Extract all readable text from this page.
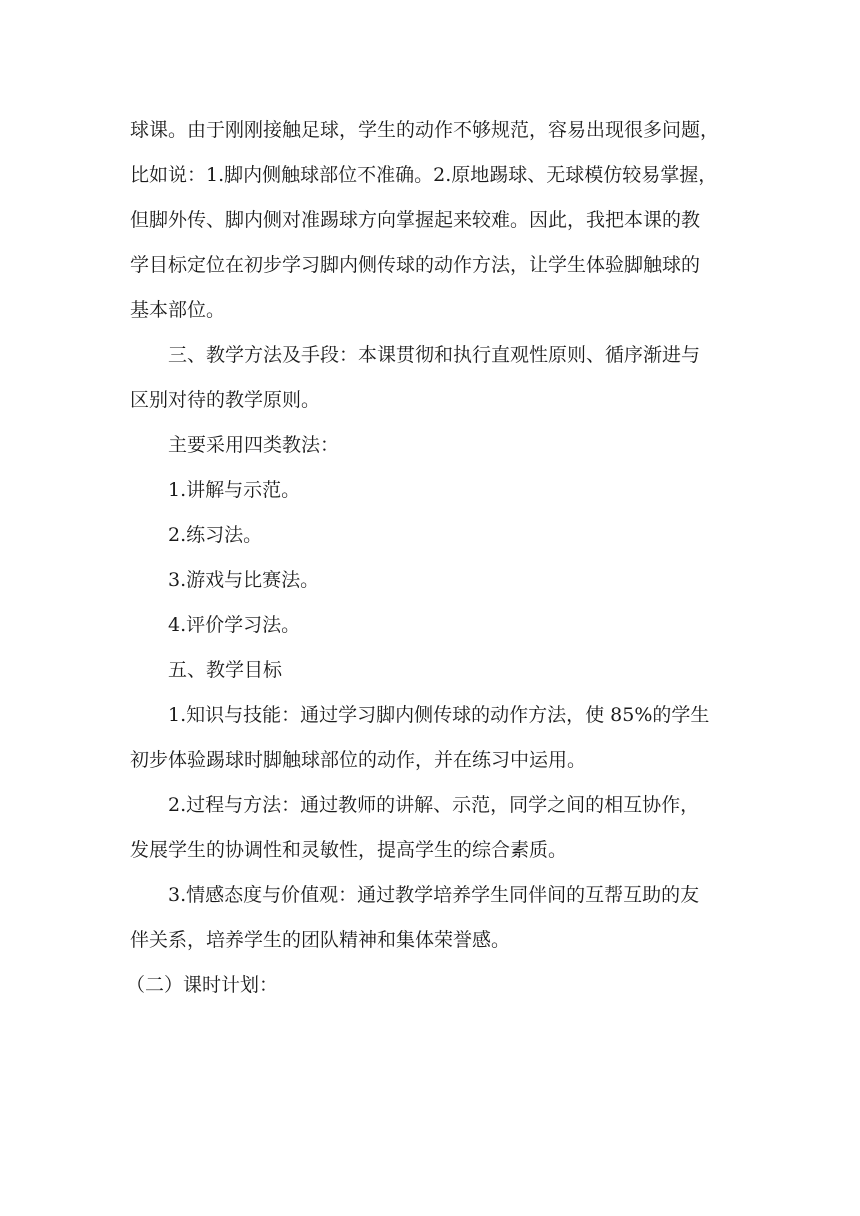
球课。由于刚刚接触足球，学生的动作不够规范，容易出现很多问题，
比如说：1.脚内侧触球部位不准确。2.原地踢球、无球模仿较易掌握，
但脚外传、脚内侧对准踢球方向掌握起来较难。因此，我把本课的教
学目标定位在初步学习脚内侧传球的动作方法，让学生体验脚触球的
基本部位。

三、教学方法及手段：本课贯彻和执行直观性原则、循序渐进与
区别对待的教学原则。

主要采用四类教法：

1.讲解与示范。

2.练习法。

3.游戏与比赛法。

4.评价学习法。

五、教学目标

1.知识与技能：通过学习脚内侧传球的动作方法，使 85%的学生
初步体验踢球时脚触球部位的动作，并在练习中运用。

2.过程与方法：通过教师的讲解、示范，同学之间的相互协作，
发展学生的协调性和灵敏性，提高学生的综合素质。

3.情感态度与价值观：通过教学培养学生同伴间的互帮互助的友
伴关系，培养学生的团队精神和集体荣誉感。

（二）课时计划：
